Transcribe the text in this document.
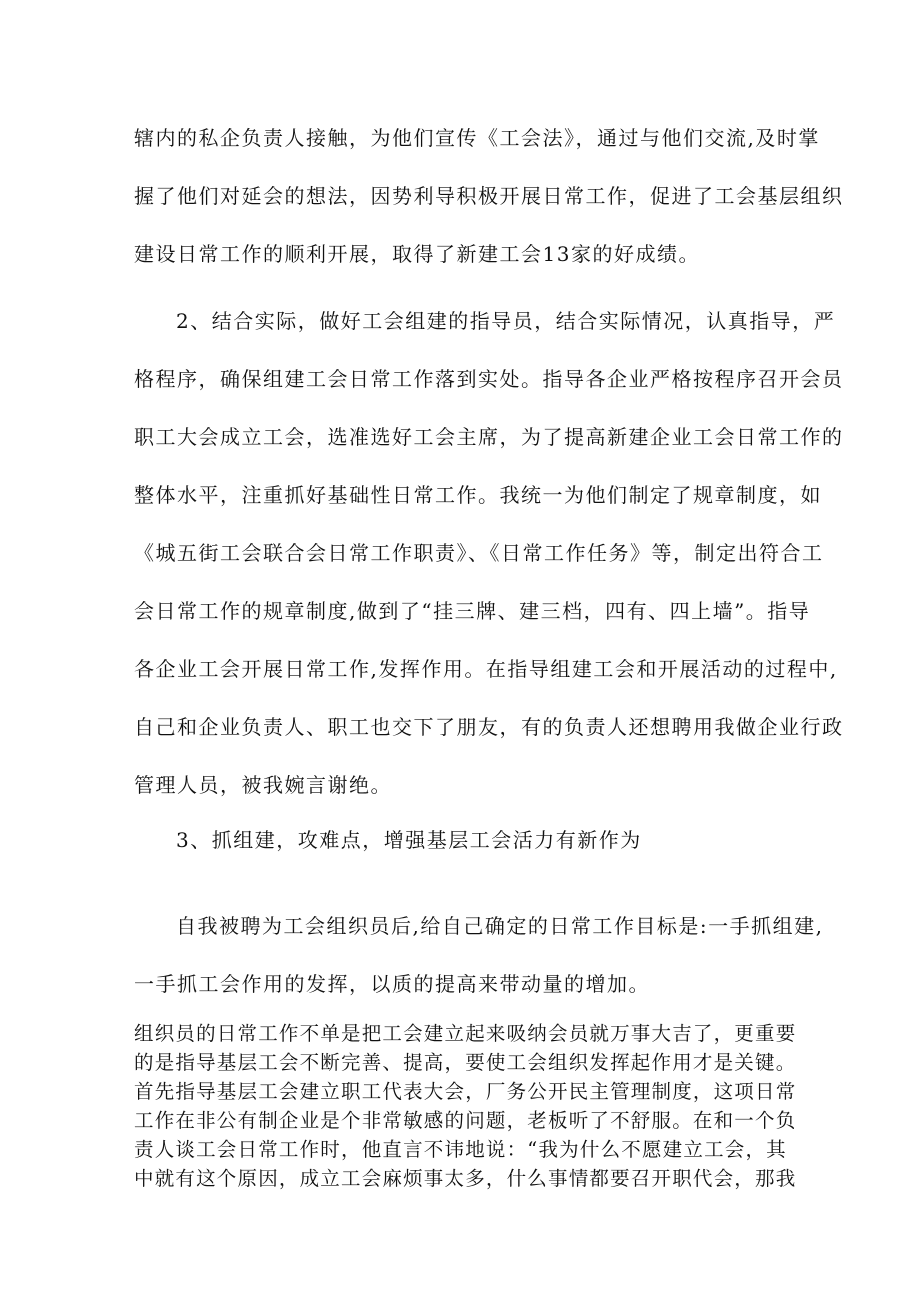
辖内的私企负责人接触，为他们宣传《工会法》，通过与他们交流,及时掌
握了他们对延会的想法，因势利导积极开展日常工作，促进了工会基层组织
建设日常工作的顺利开展，取得了新建工会13家的好成绩。
2、结合实际，做好工会组建的指导员，结合实际情况，认真指导，严
格程序，确保组建工会日常工作落到实处。指导各企业严格按程序召开会员
职工大会成立工会，选准选好工会主席，为了提高新建企业工会日常工作的
整体水平，注重抓好基础性日常工作。我统一为他们制定了规章制度，如
《城五街工会联合会日常工作职责》、《日常工作任务》等，制定出符合工
会日常工作的规章制度,做到了“挂三牌、建三档，四有、四上墙”。指导
各企业工会开展日常工作,发挥作用。在指导组建工会和开展活动的过程中,
自己和企业负责人、职工也交下了朋友，有的负责人还想聘用我做企业行政
管理人员，被我婉言谢绝。
3、抓组建，攻难点，增强基层工会活力有新作为
自我被聘为工会组织员后,给自己确定的日常工作目标是:一手抓组建,
一手抓工会作用的发挥，以质的提高来带动量的增加。
组织员的日常工作不单是把工会建立起来吸纳会员就万事大吉了，更重要
的是指导基层工会不断完善、提高，要使工会组织发挥起作用才是关键。
首先指导基层工会建立职工代表大会，厂务公开民主管理制度，这项日常
工作在非公有制企业是个非常敏感的问题，老板听了不舒服。在和一个负
责人谈工会日常工作时，他直言不讳地说：“我为什么不愿建立工会，其
中就有这个原因，成立工会麻烦事太多，什么事情都要召开职代会，那我
